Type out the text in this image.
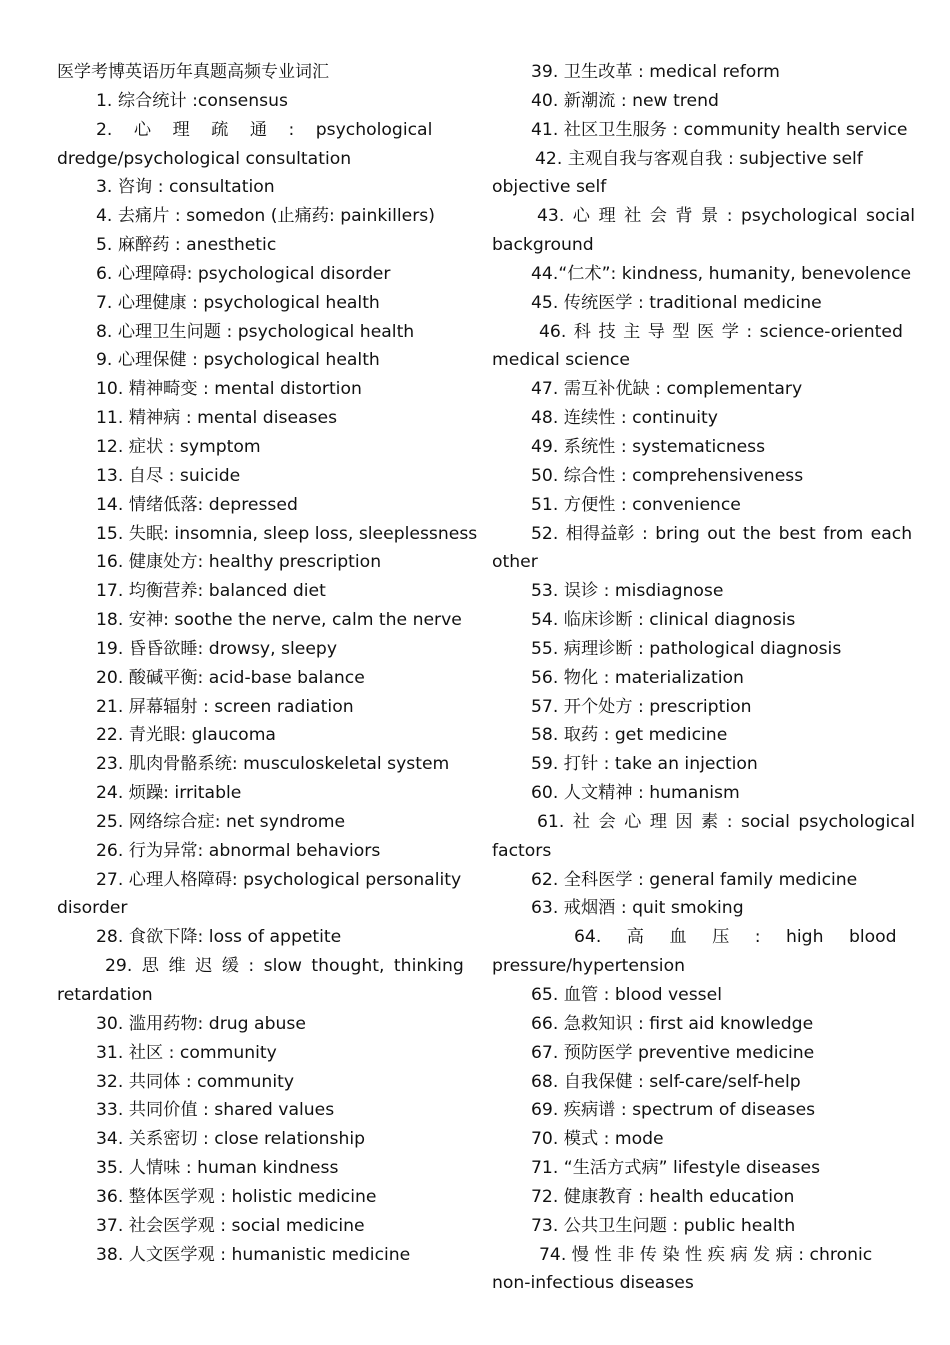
医学考博英语历年真题高频专业词汇
1. 综合统计 :consensus
2. 心 理 疏 通 : psychological
dredge/psychological consultation
3. 咨询 : consultation
4. 去痛片 : somedon (止痛药: painkillers)
5. 麻醉药 : anesthetic
6. 心理障碍: psychological disorder
7. 心理健康 : psychological health
8. 心理卫生问题 : psychological health
9. 心理保健 : psychological health
10. 精神畸变 : mental distortion
11. 精神病 : mental diseases
12. 症状 : symptom
13. 自尽 : suicide
14. 情绪低落: depressed
15. 失眠: insomnia, sleep loss, sleeplessness
16. 健康处方: healthy prescription
17. 均衡营养: balanced diet
18. 安神: soothe the nerve, calm the nerve
19. 昏昏欲睡: drowsy, sleepy
20. 酸碱平衡: acid-base balance
21. 屏幕辐射 : screen radiation
22. 青光眼: glaucoma
23. 肌肉骨骼系统: musculoskeletal system
24. 烦躁: irritable
25. 网络综合症: net syndrome
26. 行为异常: abnormal behaviors
27. 心理人格障碍: psychological personality
disorder
28. 食欲下降: loss of appetite
29. 思 维 迟 缓 : slow thought, thinking
retardation
30. 滥用药物: drug abuse
31. 社区 : community
32. 共同体 : community
33. 共同价值 : shared values
34. 关系密切 : close relationship
35. 人情味 : human kindness
36. 整体医学观 : holistic medicine
37. 社会医学观 : social medicine
38. 人文医学观 : humanistic medicine
39. 卫生改革 : medical reform
40. 新潮流 : new trend
41. 社区卫生服务 : community health service
42. 主观自我与客观自我 : subjective self
objective self
43. 心 理 社 会 背 景 : psychological social
background
44.“仁术”: kindness, humanity, benevolence
45. 传统医学 : traditional medicine
46. 科 技 主 导 型 医 学 : science-oriented
medical science
47. 需互补优缺 : complementary
48. 连续性 : continuity
49. 系统性 : systematicness
50. 综合性 : comprehensiveness
51. 方便性 : convenience
52. 相得益彰 : bring out the best from each
other
53. 误诊 : misdiagnose
54. 临床诊断 : clinical diagnosis
55. 病理诊断 : pathological diagnosis
56. 物化 : materialization
57. 开个处方 : prescription
58. 取药 : get medicine
59. 打针 : take an injection
60. 人文精神 : humanism
61. 社 会 心 理 因 素 : social psychological
factors
62. 全科医学 : general family medicine
63. 戒烟酒 : quit smoking
64. 高 血 压 : high blood
pressure/hypertension
65. 血管 : blood vessel
66. 急救知识 : first aid knowledge
67. 预防医学 preventive medicine
68. 自我保健 : self-care/self-help
69. 疾病谱 : spectrum of diseases
70. 模式 : mode
71. “生活方式病” lifestyle diseases
72. 健康教育 : health education
73. 公共卫生问题 : public health
74. 慢 性 非 传 染 性 疾 病 发 病 : chronic
non-infectious diseases
